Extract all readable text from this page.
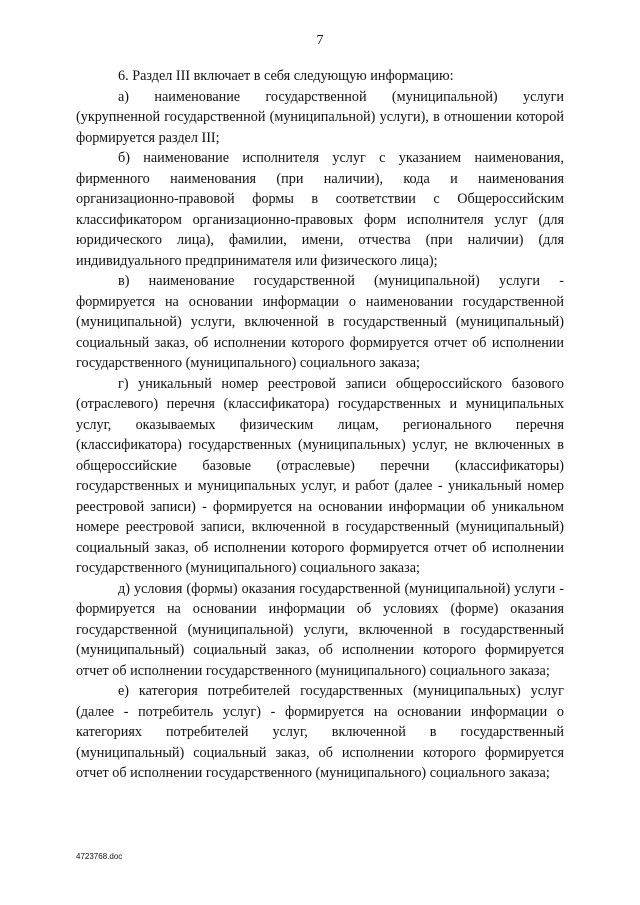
7

6. Раздел III включает в себя следующую информацию:

а) наименование государственной (муниципальной) услуги (укрупненной государственной (муниципальной) услуги), в отношении которой формируется раздел III;

б) наименование исполнителя услуг с указанием наименования, фирменного наименования (при наличии), кода и наименования организационно-правовой формы в соответствии с Общероссийским классификатором организационно-правовых форм исполнителя услуг (для юридического лица), фамилии, имени, отчества (при наличии) (для индивидуального предпринимателя или физического лица);

в) наименование государственной (муниципальной) услуги - формируется на основании информации о наименовании государственной (муниципальной) услуги, включенной в государственный (муниципальный) социальный заказ, об исполнении которого формируется отчет об исполнении государственного (муниципального) социального заказа;

г) уникальный номер реестровой записи общероссийского базового (отраслевого) перечня (классификатора) государственных и муниципальных услуг, оказываемых физическим лицам, регионального перечня (классификатора) государственных (муниципальных) услуг, не включенных в общероссийские базовые (отраслевые) перечни (классификаторы) государственных и муниципальных услуг, и работ (далее - уникальный номер реестровой записи) - формируется на основании информации об уникальном номере реестровой записи, включенной в государственный (муниципальный) социальный заказ, об исполнении которого формируется отчет об исполнении государственного (муниципального) социального заказа;

д) условия (формы) оказания государственной (муниципальной) услуги - формируется на основании информации об условиях (форме) оказания государственной (муниципальной) услуги, включенной в государственный (муниципальный) социальный заказ, об исполнении которого формируется отчет об исполнении государственного (муниципального) социального заказа;

е) категория потребителей государственных (муниципальных) услуг (далее - потребитель услуг) - формируется на основании информации о категориях потребителей услуг, включенной в государственный (муниципальный) социальный заказ, об исполнении которого формируется отчет об исполнении государственного (муниципального) социального заказа;

4723768.doc
